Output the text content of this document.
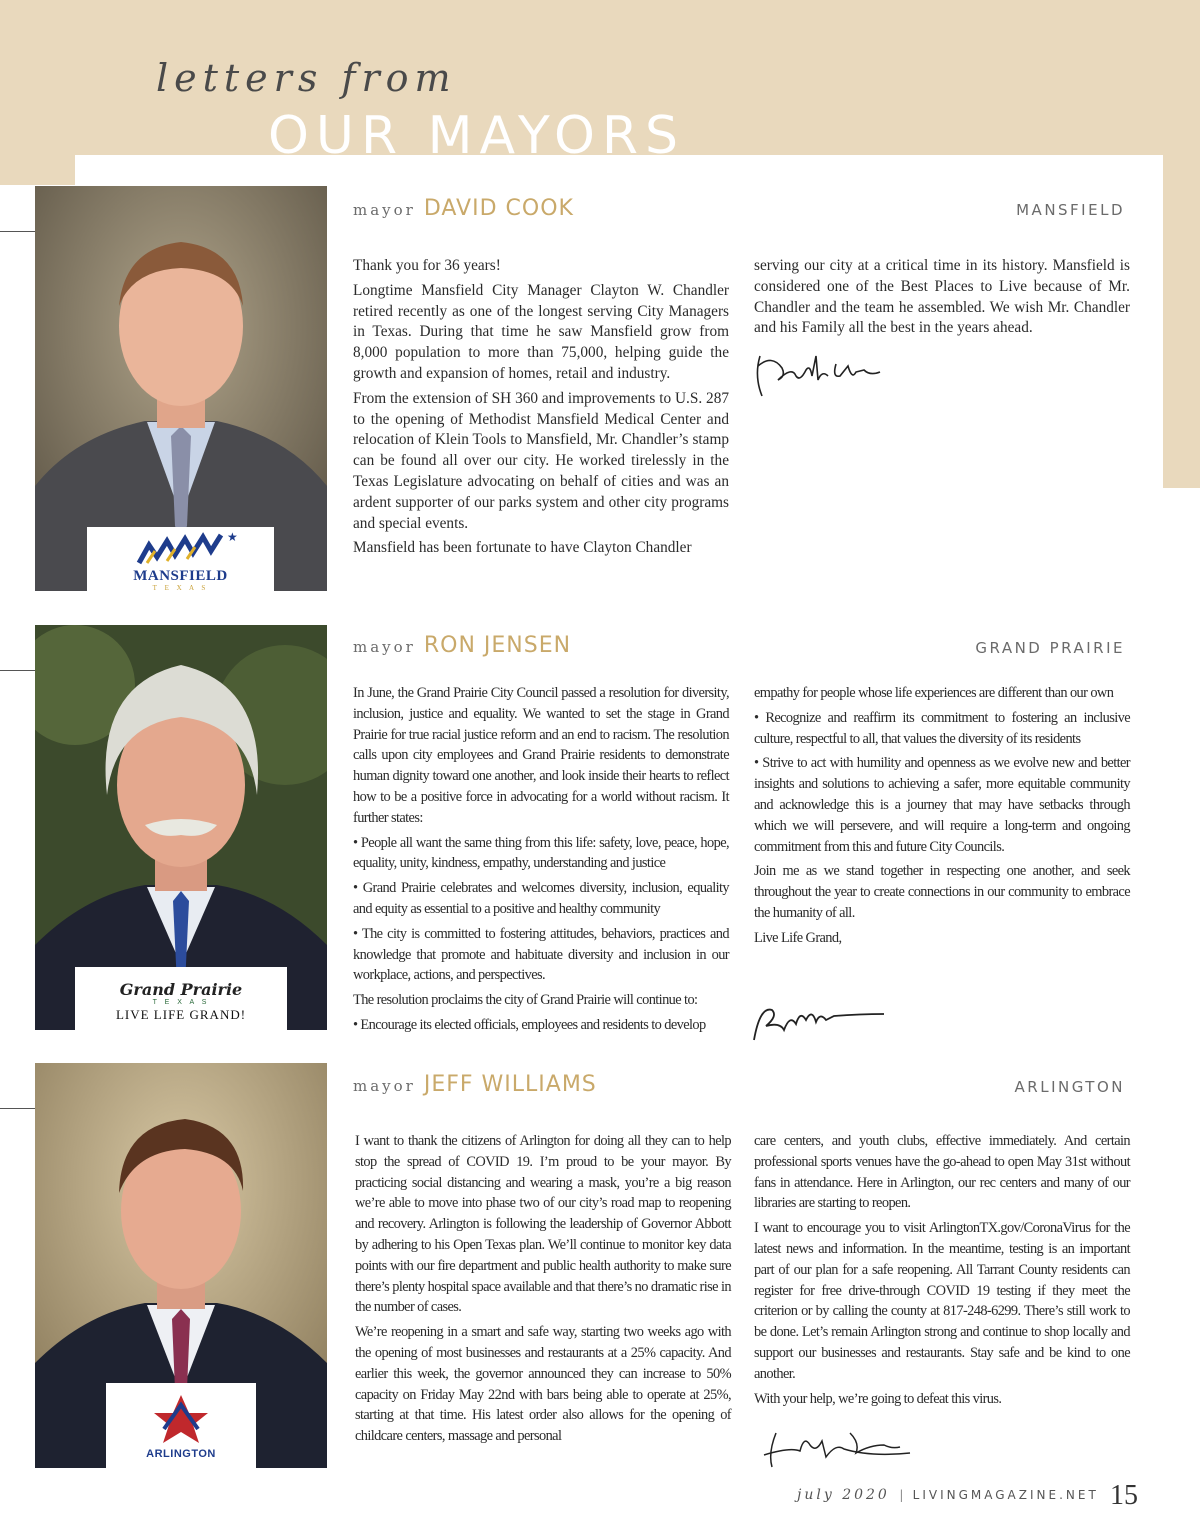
letters from
OUR MAYORS
★
MANSFIELD
T E X A S
mayor DAVID COOK	MANSFIELD

Thank you for 36 years!

Longtime Mansfield City Manager Clayton W. Chandler retired recently as one of the longest serving City Managers in Texas. During that time he saw Mansfield grow from 8,000 population to more than 75,000, helping guide the growth and expansion of homes, retail and industry.

From the extension of SH 360 and improvements to U.S. 287 to the opening of Methodist Mansfield Medical Center and relocation of Klein Tools to Mansfield, Mr. Chandler’s stamp can be found all over our city. He worked tirelessly in the Texas Legislature advocating on behalf of cities and was an ardent supporter of our parks system and other city programs and special events.

Mansfield has been fortunate to have Clayton Chandler

serving our city at a critical time in its history. Mansfield is considered one of the Best Places to Live because of Mr. Chandler and the team he assembled. We wish Mr. Chandler and his Family all the best in the years ahead.

Grand Prairie
T E X A S
LIVE LIFE GRAND!
mayor RON JENSEN	GRAND PRAIRIE

In June, the Grand Prairie City Council passed a resolution for diversity, inclusion, justice and equality. We wanted to set the stage in Grand Prairie for true racial justice reform and an end to racism. The resolution calls upon city employees and Grand Prairie residents to demonstrate human dignity toward one another, and look inside their hearts to reflect how to be a positive force in advocating for a world without racism. It further states:

• People all want the same thing from this life: safety, love, peace, hope, equality, unity, kindness, empathy, understanding and justice

• Grand Prairie celebrates and welcomes diversity, inclusion, equality and equity as essential to a positive and healthy community

• The city is committed to fostering attitudes, behaviors, practices and knowledge that promote and habituate diversity and inclusion in our workplace, actions, and perspectives.

The resolution proclaims the city of Grand Prairie will continue to:

• Encourage its elected officials, employees and residents to develop

empathy for people whose life experiences are different than our own

• Recognize and reaffirm its commitment to fostering an inclusive culture, respectful to all, that values the diversity of its residents

• Strive to act with humility and openness as we evolve new and better insights and solutions to achieving a safer, more equitable community and acknowledge this is a journey that may have setbacks through which we will persevere, and will require a long-term and ongoing commitment from this and future City Councils.

Join me as we stand together in respecting one another, and seek throughout the year to create connections in our community to embrace the humanity of all.

Live Life Grand,

ARLINGTON
mayor JEFF WILLIAMS	ARLINGTON

I want to thank the citizens of Arlington for doing all they can to help stop the spread of COVID 19. I’m proud to be your mayor. By practicing social distancing and wearing a mask, you’re a big reason we’re able to move into phase two of our city’s road map to reopening and recovery. Arlington is following the leadership of Governor Abbott by adhering to his Open Texas plan. We’ll continue to monitor key data points with our fire department and public health authority to make sure there’s plenty hospital space available and that there’s no dramatic rise in the number of cases.

We’re reopening in a smart and safe way, starting two weeks ago with the opening of most businesses and restaurants at a 25% capacity. And earlier this week, the governor announced they can increase to 50% capacity on Friday May 22nd with bars being able to operate at 25%, starting at that time. His latest order also allows for the opening of childcare centers, massage and personal

care centers, and youth clubs, effective immediately. And certain professional sports venues have the go-ahead to open May 31st without fans in attendance. Here in Arlington, our rec centers and many of our libraries are starting to reopen.

I want to encourage you to visit ArlingtonTX.gov/CoronaVirus for the latest news and information. In the meantime, testing is an important part of our plan for a safe reopening. All Tarrant County residents can register for free drive-through COVID 19 testing if they meet the criterion or by calling the county at 817-248-6299. There’s still work to be done. Let’s remain Arlington strong and continue to shop locally and support our businesses and restaurants. Stay safe and be kind to one another.

With your help, we’re going to defeat this virus.

july 2020 | LIVINGMAGAZINE.NET 15
